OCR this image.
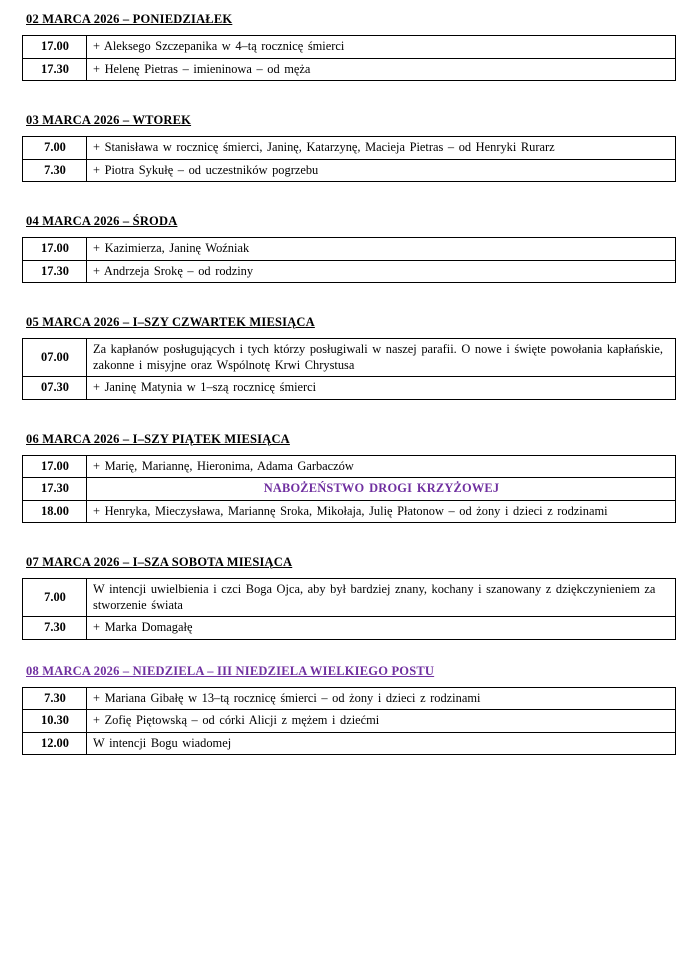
02 MARCA 2026 – PONIEDZIAŁEK
17.00	+ Aleksego Szczepanika w 4–tą rocznicę śmierci
17.30	+ Helenę Pietras – imieninowa – od męża
03 MARCA 2026 – WTOREK
7.00	+ Stanisława w rocznicę śmierci, Janinę, Katarzynę, Macieja Pietras – od Henryki Rurarz
7.30	+ Piotra Sykułę – od uczestników pogrzebu
04 MARCA 2026 – ŚRODA
17.00	+ Kazimierza, Janinę Woźniak
17.30	+ Andrzeja Srokę – od rodziny
05 MARCA 2026 – I–SZY CZWARTEK MIESIĄCA
07.00	Za kapłanów posługujących i tych którzy posługiwali w naszej parafii. O nowe i święte powołania kapłańskie, zakonne i misyjne oraz Wspólnotę Krwi Chrystusa
07.30	+ Janinę Matynia w 1–szą rocznicę śmierci
06 MARCA 2026 – I–SZY PIĄTEK MIESIĄCA
17.00	+ Marię, Mariannę, Hieronima, Adama Garbaczów
17.30	NABOŻEŃSTWO DROGI KRZYŻOWEJ
18.00	+ Henryka, Mieczysława, Mariannę Sroka, Mikołaja, Julię Płatonow – od żony i dzieci z rodzinami
07 MARCA 2026 – I–SZA SOBOTA MIESIĄCA
7.00	W intencji uwielbienia i czci Boga Ojca, aby był bardziej znany, kochany i szanowany z dziękczynieniem za stworzenie świata
7.30	+ Marka Domagałę
08 MARCA 2026 – NIEDZIELA – III NIEDZIELA WIELKIEGO POSTU
7.30	+ Mariana Gibałę w 13–tą rocznicę śmierci – od żony i dzieci z rodzinami
10.30	+ Zofię Piętowską – od córki Alicji z mężem i dziećmi
12.00	W intencji Bogu wiadomej
